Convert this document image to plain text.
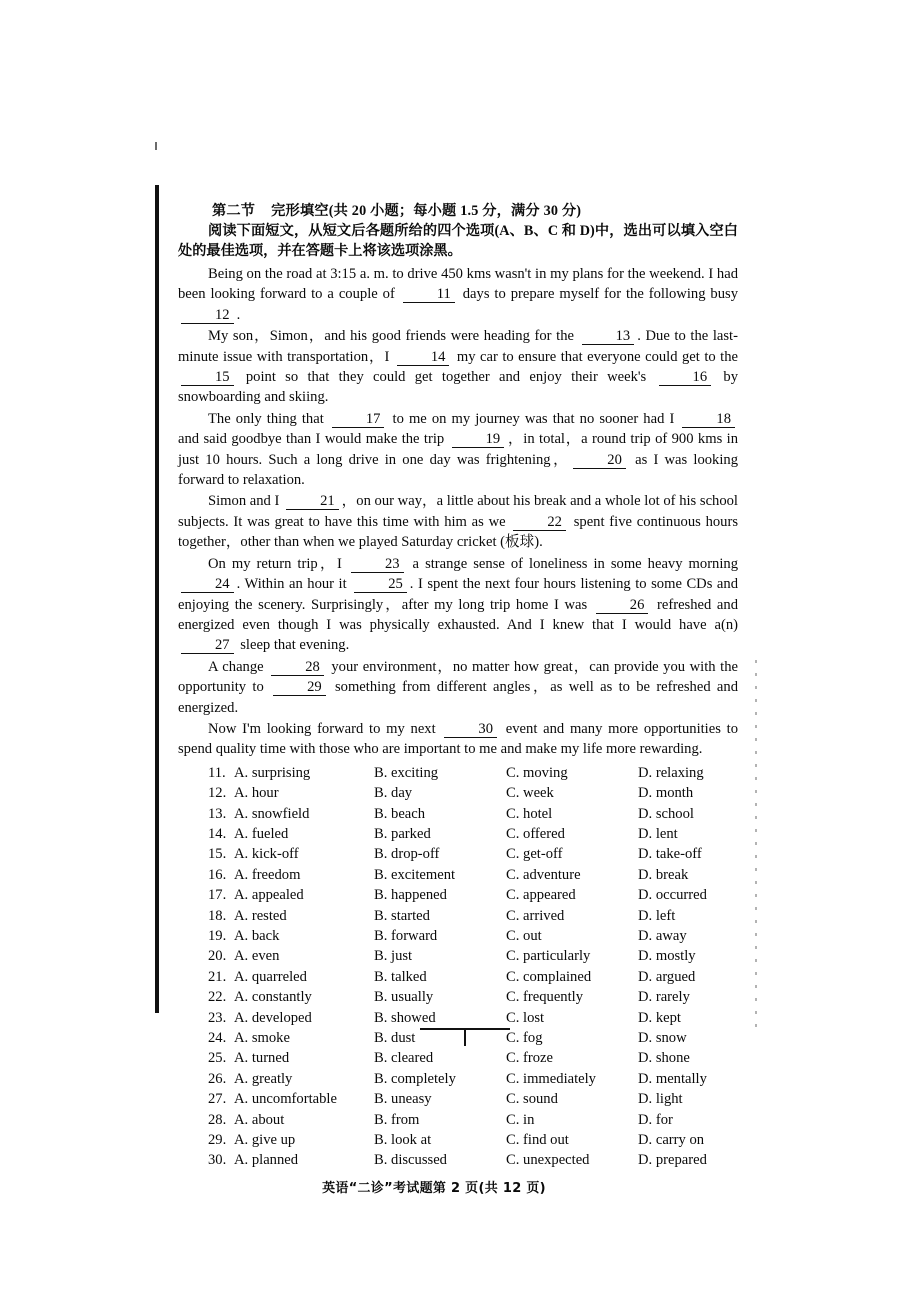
第二节 完形填空(共 20 小题；每小题 1.5 分，满分 30 分)
阅读下面短文，从短文后各题所给的四个选项(A、B、C 和 D)中，选出可以填入空白处的最佳选项，并在答题卡上将该选项涂黑。

Being on the road at 3:15 a. m. to drive 450 kms wasn't in my plans for the weekend. I had been looking forward to a couple of	11 days to prepare myself for the following busy 12 .

My son，Simon，and his good friends were heading for the	13 . Due to the last-minute issue with transportation，I	14 my car to ensure that everyone could get to the 15 point so that they could get together and enjoy their week's	16 by snowboarding and skiing.

The only thing that	17 to me on my journey was that no sooner had I	18 and said goodbye than I would make the trip	19 ，in total，a round trip of 900 kms in just 10 hours. Such a long drive in one day was frightening，	20 as I was looking forward to relaxation.

Simon and I	21 ，on our way，a little about his break and a whole lot of his school subjects. It was great to have this time with him as we	22 spent five continuous hours together，other than when we played Saturday cricket (板球).

On my return trip，I	23 a strange sense of loneliness in some heavy morning 24 . Within an hour it	25 . I spent the next four hours listening to some CDs and enjoying the scenery. Surprisingly，after my long trip home I was	26 refreshed and energized even though I was physically exhausted. And I knew that I would have a(n) 27 sleep that evening.

A change	28 your environment，no matter how great，can provide you with the opportunity to	29 something from different angles，as well as to be refreshed and energized.

Now I'm looking forward to my next	30 event and many more opportunities to spend quality time with those who are important to me and make my life more rewarding.

11. A. surprising	B. exciting	C. moving	D. relaxing
12. A. hour	B. day	C. week	D. month
13. A. snowfield	B. beach	C. hotel	D. school
14. A. fueled	B. parked	C. offered	D. lent
15. A. kick-off	B. drop-off	C. get-off	D. take-off
16. A. freedom	B. excitement	C. adventure	D. break
17. A. appealed	B. happened	C. appeared	D. occurred
18. A. rested	B. started	C. arrived	D. left
19. A. back	B. forward	C. out	D. away
20. A. even	B. just	C. particularly	D. mostly
21. A. quarreled	B. talked	C. complained	D. argued
22. A. constantly	B. usually	C. frequently	D. rarely
23. A. developed	B. showed	C. lost	D. kept
24. A. smoke	B. dust	C. fog	D. snow
25. A. turned	B. cleared	C. froze	D. shone
26. A. greatly	B. completely	C. immediately	D. mentally
27. A. uncomfortable	B. uneasy	C. sound	D. light
28. A. about	B. from	C. in	D. for
29. A. give up	B. look at	C. find out	D. carry on
30. A. planned	B. discussed	C. unexpected	D. prepared
英语“二诊”考试题第 2 页(共 12 页)
